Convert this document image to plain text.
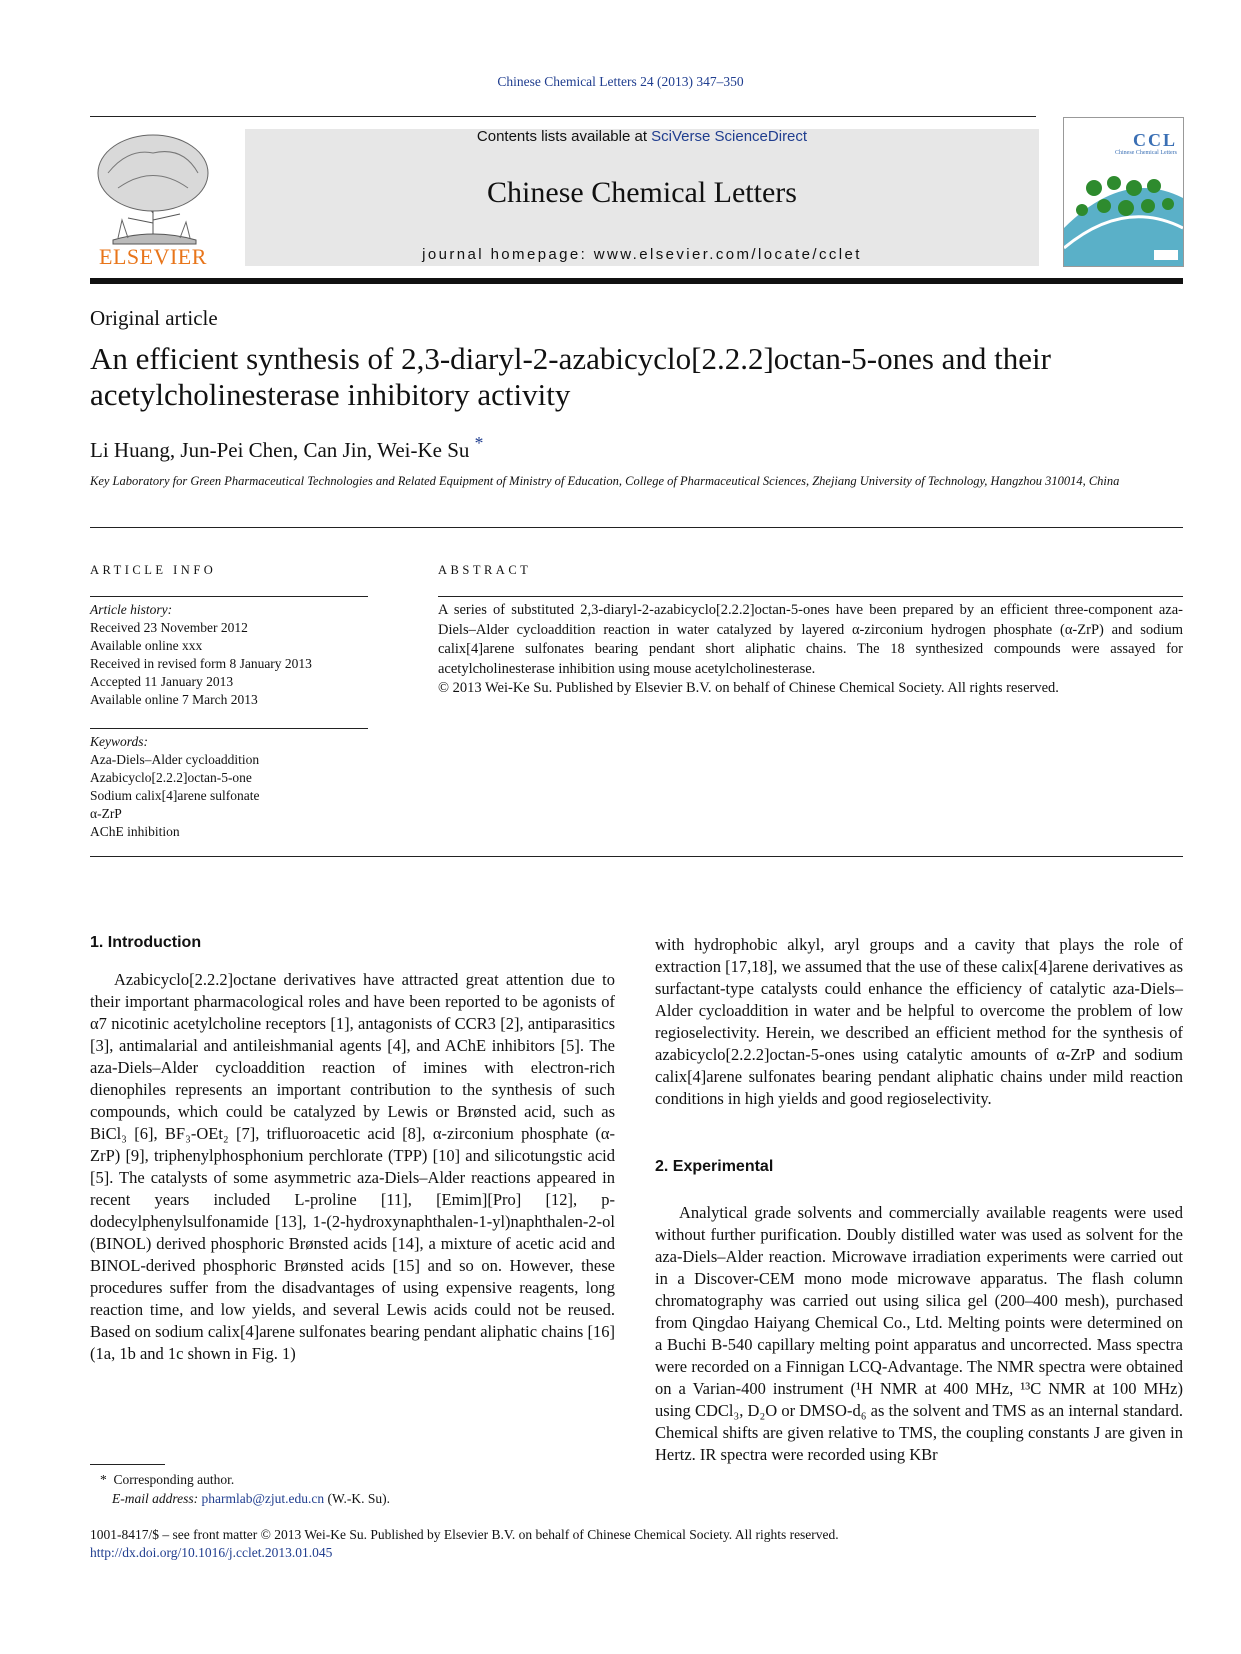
Chinese Chemical Letters 24 (2013) 347–350
ELSEVIER
Contents lists available at SciVerse ScienceDirect
Chinese Chemical Letters
journal homepage: www.elsevier.com/locate/cclet
CCL
Chinese Chemical Letters
Original article
An efficient synthesis of 2,3-diaryl-2-azabicyclo[2.2.2]octan-5-ones and their acetylcholinesterase inhibitory activity
Li Huang, Jun-Pei Chen, Can Jin, Wei-Ke Su *
Key Laboratory for Green Pharmaceutical Technologies and Related Equipment of Ministry of Education, College of Pharmaceutical Sciences, Zhejiang University of Technology, Hangzhou 310014, China
ARTICLE INFO	ABSTRACT
Article history:
Received 23 November 2012
Available online xxx
Received in revised form 8 January 2013
Accepted 11 January 2013
Available online 7 March 2013
Keywords:
Aza-Diels–Alder cycloaddition
Azabicyclo[2.2.2]octan-5-one
Sodium calix[4]arene sulfonate
α-ZrP
AChE inhibition
A series of substituted 2,3-diaryl-2-azabicyclo[2.2.2]octan-5-ones have been prepared by an efficient three-component aza-Diels–Alder cycloaddition reaction in water catalyzed by layered α-zirconium hydrogen phosphate (α-ZrP) and sodium calix[4]arene sulfonates bearing pendant short aliphatic chains. The 18 synthesized compounds were assayed for acetylcholinesterase inhibition using mouse acetylcholinesterase.
© 2013 Wei-Ke Su. Published by Elsevier B.V. on behalf of Chinese Chemical Society. All rights reserved.
1. Introduction
Azabicyclo[2.2.2]octane derivatives have attracted great attention due to their important pharmacological roles and have been reported to be agonists of α7 nicotinic acetylcholine receptors [1], antagonists of CCR3 [2], antiparasitics [3], antimalarial and antileishmanial agents [4], and AChE inhibitors [5]. The aza-Diels–Alder cycloaddition reaction of imines with electron-rich dienophiles represents an important contribution to the synthesis of such compounds, which could be catalyzed by Lewis or Brønsted acid, such as BiCl₃ [6], BF₃-OEt₂ [7], trifluoroacetic acid [8], α-zirconium phosphate (α-ZrP) [9], triphenylphosphonium perchlorate (TPP) [10] and silicotungstic acid [5]. The catalysts of some asymmetric aza-Diels–Alder reactions appeared in recent years included L-proline [11], [Emim][Pro] [12], p-dodecylphenylsulfonamide [13], 1-(2-hydroxynaphthalen-1-yl)naphthalen-2-ol (BINOL) derived phosphoric Brønsted acids [14], a mixture of acetic acid and BINOL-derived phosphoric Brønsted acids [15] and so on. However, these procedures suffer from the disadvantages of using expensive reagents, long reaction time, and low yields, and several Lewis acids could not be reused. Based on sodium calix[4]arene sulfonates bearing pendant aliphatic chains [16] (1a, 1b and 1c shown in Fig. 1)
with hydrophobic alkyl, aryl groups and a cavity that plays the role of extraction [17,18], we assumed that the use of these calix[4]arene derivatives as surfactant-type catalysts could enhance the efficiency of catalytic aza-Diels–Alder cycloaddition in water and be helpful to overcome the problem of low regioselectivity. Herein, we described an efficient method for the synthesis of azabicyclo[2.2.2]octan-5-ones using catalytic amounts of α-ZrP and sodium calix[4]arene sulfonates bearing pendant aliphatic chains under mild reaction conditions in high yields and good regioselectivity.
2. Experimental
Analytical grade solvents and commercially available reagents were used without further purification. Doubly distilled water was used as solvent for the aza-Diels–Alder reaction. Microwave irradiation experiments were carried out in a Discover-CEM mono mode microwave apparatus. The flash column chromatography was carried out using silica gel (200–400 mesh), purchased from Qingdao Haiyang Chemical Co., Ltd. Melting points were determined on a Buchi B-540 capillary melting point apparatus and uncorrected. Mass spectra were recorded on a Finnigan LCQ-Advantage. The NMR spectra were obtained on a Varian-400 instrument (¹H NMR at 400 MHz, ¹³C NMR at 100 MHz) using CDCl₃, D₂O or DMSO-d₆ as the solvent and TMS as an internal standard. Chemical shifts are given relative to TMS, the coupling constants J are given in Hertz. IR spectra were recorded using KBr
* Corresponding author.
E-mail address: pharmlab@zjut.edu.cn (W.-K. Su).
1001-8417/$ – see front matter © 2013 Wei-Ke Su. Published by Elsevier B.V. on behalf of Chinese Chemical Society. All rights reserved.
http://dx.doi.org/10.1016/j.cclet.2013.01.045
